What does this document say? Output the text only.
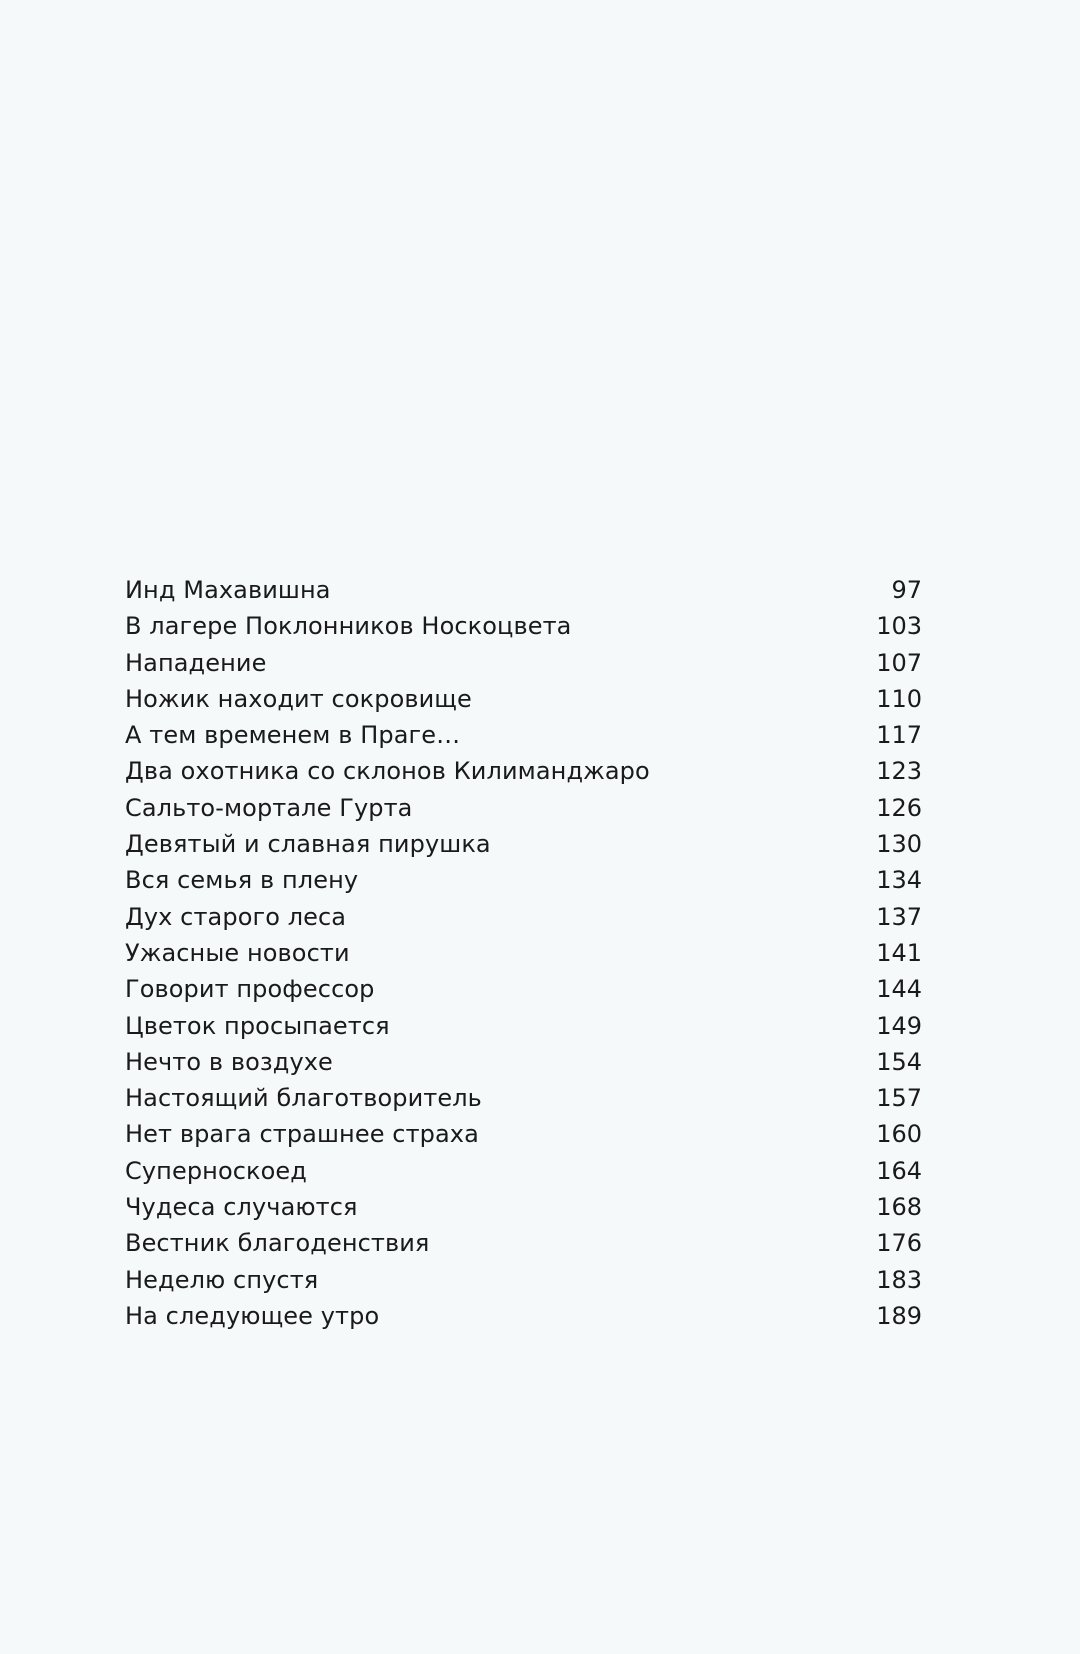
Инд Махавишна	97
В лагере Поклонников Носкоцвета	103
Нападение	107
Ножик находит сокровище	110
А тем временем в Праге…	117
Два охотника со склонов Килиманджаро	123
Сальто-мортале Гурта	126
Девятый и славная пирушка	130
Вся семья в плену	134
Дух старого леса	137
Ужасные новости	141
Говорит профессор	144
Цветок просыпается	149
Нечто в воздухе	154
Настоящий благотворитель	157
Нет врага страшнее страха	160
Суперноскоед	164
Чудеса случаются	168
Вестник благоденствия	176
Неделю спустя	183
На следующее утро	189
